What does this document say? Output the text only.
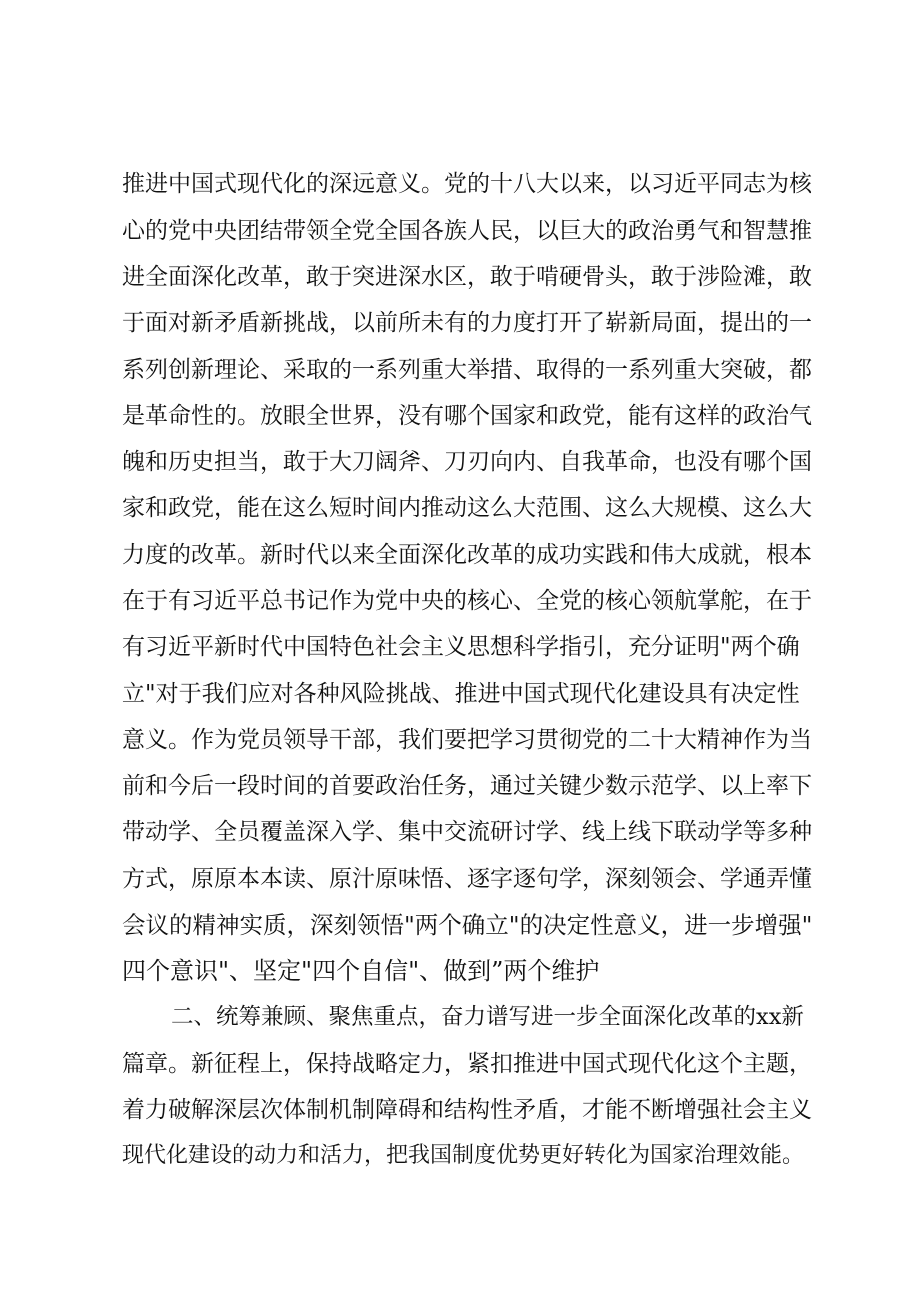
推进中国式现代化的深远意义。党的十八大以来，以习近平同志为核
心的党中央团结带领全党全国各族人民，以巨大的政治勇气和智慧推
进全面深化改革，敢于突进深水区，敢于啃硬骨头，敢于涉险滩，敢
于面对新矛盾新挑战，以前所未有的力度打开了崭新局面，提出的一
系列创新理论、采取的一系列重大举措、取得的一系列重大突破，都
是革命性的。放眼全世界，没有哪个国家和政党，能有这样的政治气
魄和历史担当，敢于大刀阔斧、刀刃向内、自我革命，也没有哪个国
家和政党，能在这么短时间内推动这么大范围、这么大规模、这么大
力度的改革。新时代以来全面深化改革的成功实践和伟大成就，根本
在于有习近平总书记作为党中央的核心、全党的核心领航掌舵，在于
有习近平新时代中国特色社会主义思想科学指引，充分证明"两个确
立"对于我们应对各种风险挑战、推进中国式现代化建设具有决定性
意义。作为党员领导干部，我们要把学习贯彻党的二十大精神作为当
前和今后一段时间的首要政治任务，通过关键少数示范学、以上率下
带动学、全员覆盖深入学、集中交流研讨学、线上线下联动学等多种
方式，原原本本读、原汁原味悟、逐字逐句学，深刻领会、学通弄懂
会议的精神实质，深刻领悟"两个确立"的决定性意义，进一步增强"
四个意识"、坚定"四个自信"、做到”两个维护
二、统筹兼顾、聚焦重点，奋力谱写进一步全面深化改革的xx新
篇章。新征程上，保持战略定力，紧扣推进中国式现代化这个主题，
着力破解深层次体制机制障碍和结构性矛盾，才能不断增强社会主义
现代化建设的动力和活力，把我国制度优势更好转化为国家治理效能。
